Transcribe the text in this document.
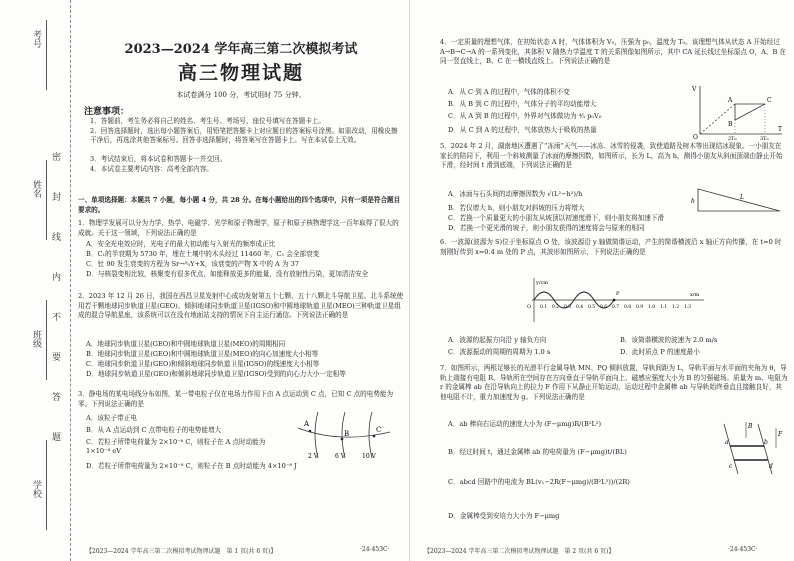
考号
姓名
班级
学校
密
封
线
内
不
要
答
题
2023—2024 学年高三第二次模拟考试
高三物理试题
本试卷满分 100 分，考试用时 75 分钟。
注意事项：
1．答题前，考生务必将自己的姓名、考生号、考场号、座位号填写在答题卡上。
2．回答选择题时，选出每小题答案后，用铅笔把答题卡上对应题目的答案标号涂黑。如需改动，用橡皮擦干净后，再选涂其他答案标号。回答非选择题时，将答案写在答题卡上。写在本试卷上无效。
3．考试结束后，将本试卷和答题卡一并交回。
4．本试卷主要考试内容：高考全部内容。
一、单项选择题：本题共 7 小题，每小题 4 分，共 28 分。在每小题给出的四个选项中，只有一项是符合题目要求的。
1．物理学发展可以分为力学、热学、电磁学、光学和原子物理学，原子和原子核物理学这一百年取得了很大的成就。关于这一领域，下列说法正确的是
A．安全光电效应时，光电子的最大初动能与入射光的频率成正比
B．C₁的半衰期为 5730 年，埋在土壤中的木头经过 11460 年，C₁ 会全部衰变
C．钍 90 发生衰变的方程为 Sr→⁹₀Y+X，该衰变的产物 X 中的 A 为 37
D．与核裂变相比较，核聚变有很多优点，如能释放更多的能量，没有放射性污染，更加清洁安全
2．2023 年 12 月 26 日，我国在西昌卫星发射中心成功发射第五十七颗、五十八颗北斗导航卫星。北斗系统使用若干颗地球同步轨道卫星(GEO)、倾斜地球同步轨道卫星(IGSO)和中圆地球轨道卫星(MEO)三种轨道卫星组成的混合导航星座，该系统可以在没有地面站支持的情况下自主运行通信。下列说法正确的是
A．地球同步轨道卫星(GEO)和中圆地球轨道卫星(MEO)的周期相同
B．地球同步轨道卫星(GEO)和中圆地球轨道卫星(MEO)的向心加速度大小相等
C．地球同步轨道卫星(GEO)和倾斜地球同步轨道卫星(IGSO)的线速度大小相等
D．地球同步轨道卫星(GEO)和倾斜地球同步轨道卫星(IGSO)受到的向心力大小一定相等
3．静电场的某电场线分布如图，某一带电粒子仅在电场力作用下由 A 点运动到 C 点，已知 C 点的电势能为零。下列说法正确的是
A．该粒子带正电
B．从 A 点运动到 C 点带电粒子的电势能增大
C．若粒子所带电荷量为 2×10⁻⁸ C，则粒子在 A 点时动能为 1×10⁻⁸ eV
D．若粒子所带电荷量为 2×10⁻⁸ C，则粒子在 B 点时动能为 4×10⁻⁸ J
A
B	C
2 V	6 V	10 V
【2023—2024 学年高三第二次模拟考试物理试题　第 1 页(共 6 页)】	·24-453C·
4．一定质量的理想气体，在初始状态 A 时，气体体积为 V₀，压强为 p₀，温度为 T₀。该理想气体从状态 A 开始经过 A→B→C→A 的一系列变化，其体积 V 随热力学温度 T 的关系图像如图所示，其中 CA 延长线过坐标原点 O，A、B 在同一竖直线上，B、C 在一横线直线上。下列说法正确的是
A．从 C 到 A 的过程中，气体的体积不变
B．从 B 到 C 的过程中，气体分子的平均动能增大
C．从 A 到 B 的过程中，外界对气体做功为 ⁴⁄₃ p₀V₀
D．从 C 到 A 的过程中，气体放热大于吸收的热量
V
O
T
A
B
C
2T₀	3T₀
5．2024 年 2 月，湖南地区遭遇了“冻雨”天气——冰冻、冰雪的侵袭，致使道路及树木等出现结冰现象。一小朋友在家长的陪同下，利用一个斜坡测量了冰面的摩擦因数，如图所示，长为 L，高为 h，测得小朋友从斜面顶端由静止开始下滑，经时间 t 滑到底端，下列说法正确的是
A．冰面与石头间的动摩擦因数为 √(L²−h²)/h
B．若仅增大 h，则小朋友对斜坡的压力将增大
C．若换一个质量更大的小朋友从坡顶以初速度滑下，则小朋友将加速下滑
D．若换一个更光滑的坡子，则小朋友获得的速度将会与原来的相同
h
L
6．一波源(波源为 S)位于坐标原点 O 处，该波源沿 y 轴做简谐运动，产生的简谐横波沿 x 轴正方向传播，在 t=0 时刻刚好传到 x=0.4 m 处的 P 点，其波形如图所示，下列说法正确的是
y/cm
x/m
O 0.1 0.2 0.3 0.4 0.5 0.6 0.7 0.8 0.9 1.0 1.1 1.2 1.3
P
A．波源的起振方向沿 y 轴负方向	B．该简谐横波的波速为 2.0 m/s
C．波源振动的周期的周期为 1.0 s	D．此时质点 P 的速度最小
7．如图所示，两根足够长的光滑平行金属导轨 MN、PQ 倾斜放置，导轨间距为 L，导轨平面与水平面的夹角为 θ，导轨上端接有电阻 R，导轨所在空间存在方向垂直于导轨平面向上、磁感应强度大小为 B 的匀强磁场。质量为 m、电阻为 r 的金属棒 ab 在沿导轨向上的拉力 F 作用下从静止开始运动，运动过程中金属棒 ab 与导轨始终垂直且接触良好，其他电阻不计，重力加速度为 g。下列说法正确的是
A．ab 棒向右运动的速度大小为 (F−μmg)R/(B²L²)
B．经过时间 t，通过金属棒 ab 的电荷量为 (F−μmg)t/(BL)
C．abcd 回路中的电流为 BL(v₁−2R(F−μmg)/(B²L²))/(2R)
D．金属棒受到安培力大小为 F−μmg
a	b
c	d
B
F
【2023—2024 学年高三第二次模拟考试物理试题　第 2 页(共 6 页)】	·24-453C·
